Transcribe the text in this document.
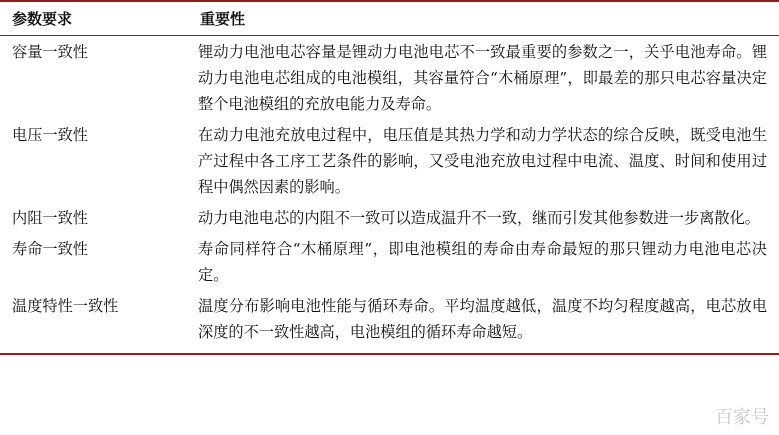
参数要求	重要性
容量一致性	锂动力电池电芯容量是锂动力电池电芯不一致最重要的参数之一，关乎电池寿命。锂动力电池电芯组成的电池模组，其容量符合“木桶原理”，即最差的那只电芯容量决定整个电池模组的充放电能力及寿命。
电压一致性	在动力电池充放电过程中，电压值是其热力学和动力学状态的综合反映，既受电池生产过程中各工序工艺条件的影响，又受电池充放电过程中电流、温度、时间和使用过程中偶然因素的影响。
内阻一致性	动力电池电芯的内阻不一致可以造成温升不一致，继而引发其他参数进一步离散化。
寿命一致性	寿命同样符合“木桶原理”，即电池模组的寿命由寿命最短的那只锂动力电池电芯决定。
温度特性一致性	温度分布影响电池性能与循环寿命。平均温度越低，温度不均匀程度越高，电芯放电深度的不一致性越高，电池模组的循环寿命越短。
百家号
